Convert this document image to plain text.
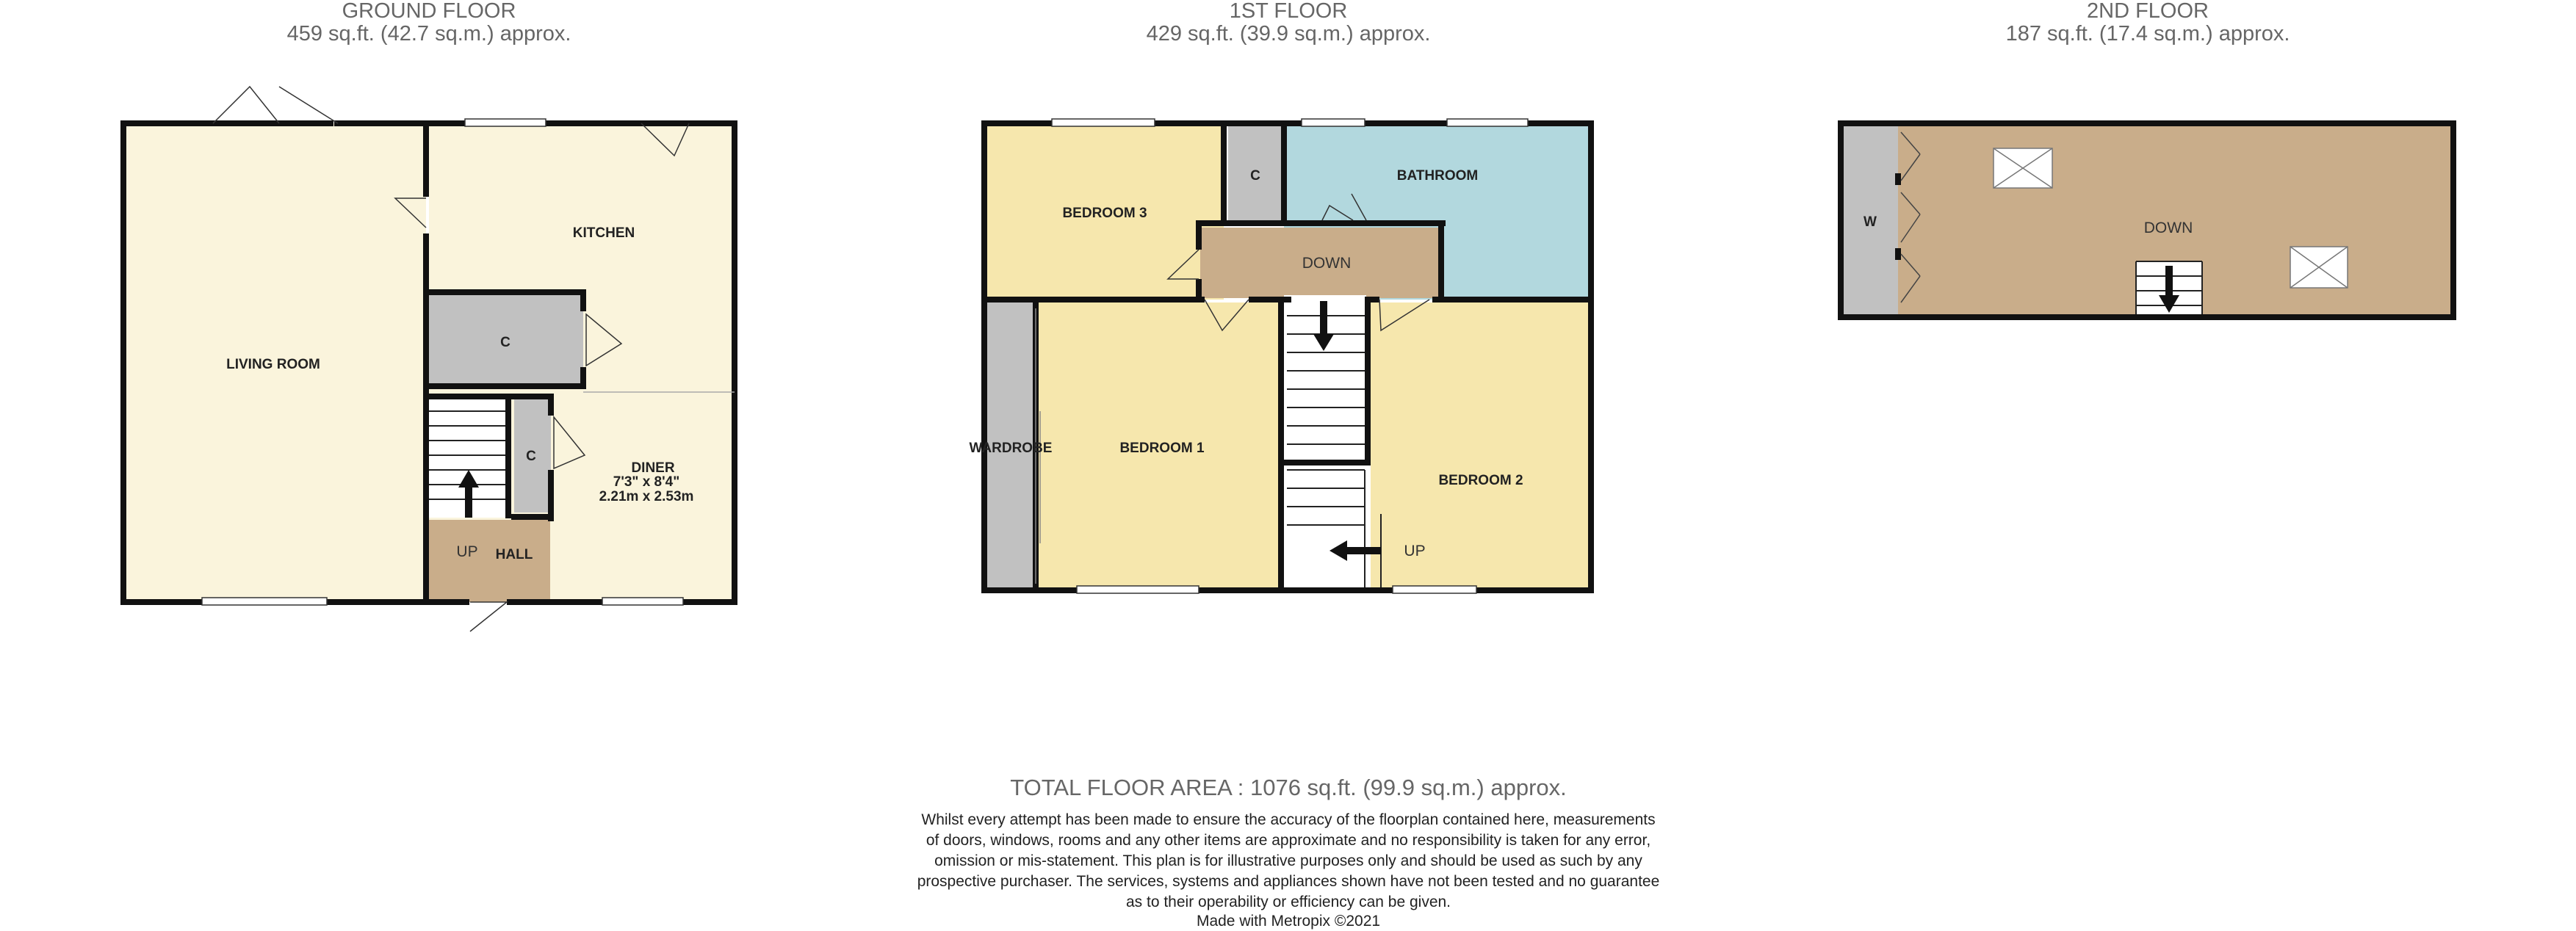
GROUND FLOOR
459 sq.ft. (42.7 sq.m.) approx.
1ST FLOOR
429 sq.ft. (39.9 sq.m.) approx.
2ND FLOOR
187 sq.ft. (17.4 sq.m.) approx.
LIVING ROOM
KITCHEN
C
C
DINER
7'3" x 8'4"
2.21m x 2.53m
UP HALL
BEDROOM 3
C	BATHROOM
DOWN
WARDROBE	BEDROOM 1
BEDROOM 2
UP
W	DOWN
TOTAL FLOOR AREA : 1076 sq.ft. (99.9 sq.m.) approx.
Whilst every attempt has been made to ensure the accuracy of the floorplan contained here, measurements
of doors, windows, rooms and any other items are approximate and no responsibility is taken for any error,
omission or mis-statement. This plan is for illustrative purposes only and should be used as such by any
prospective purchaser. The services, systems and appliances shown have not been tested and no guarantee
as to their operability or efficiency can be given.
Made with Metropix ©2021
